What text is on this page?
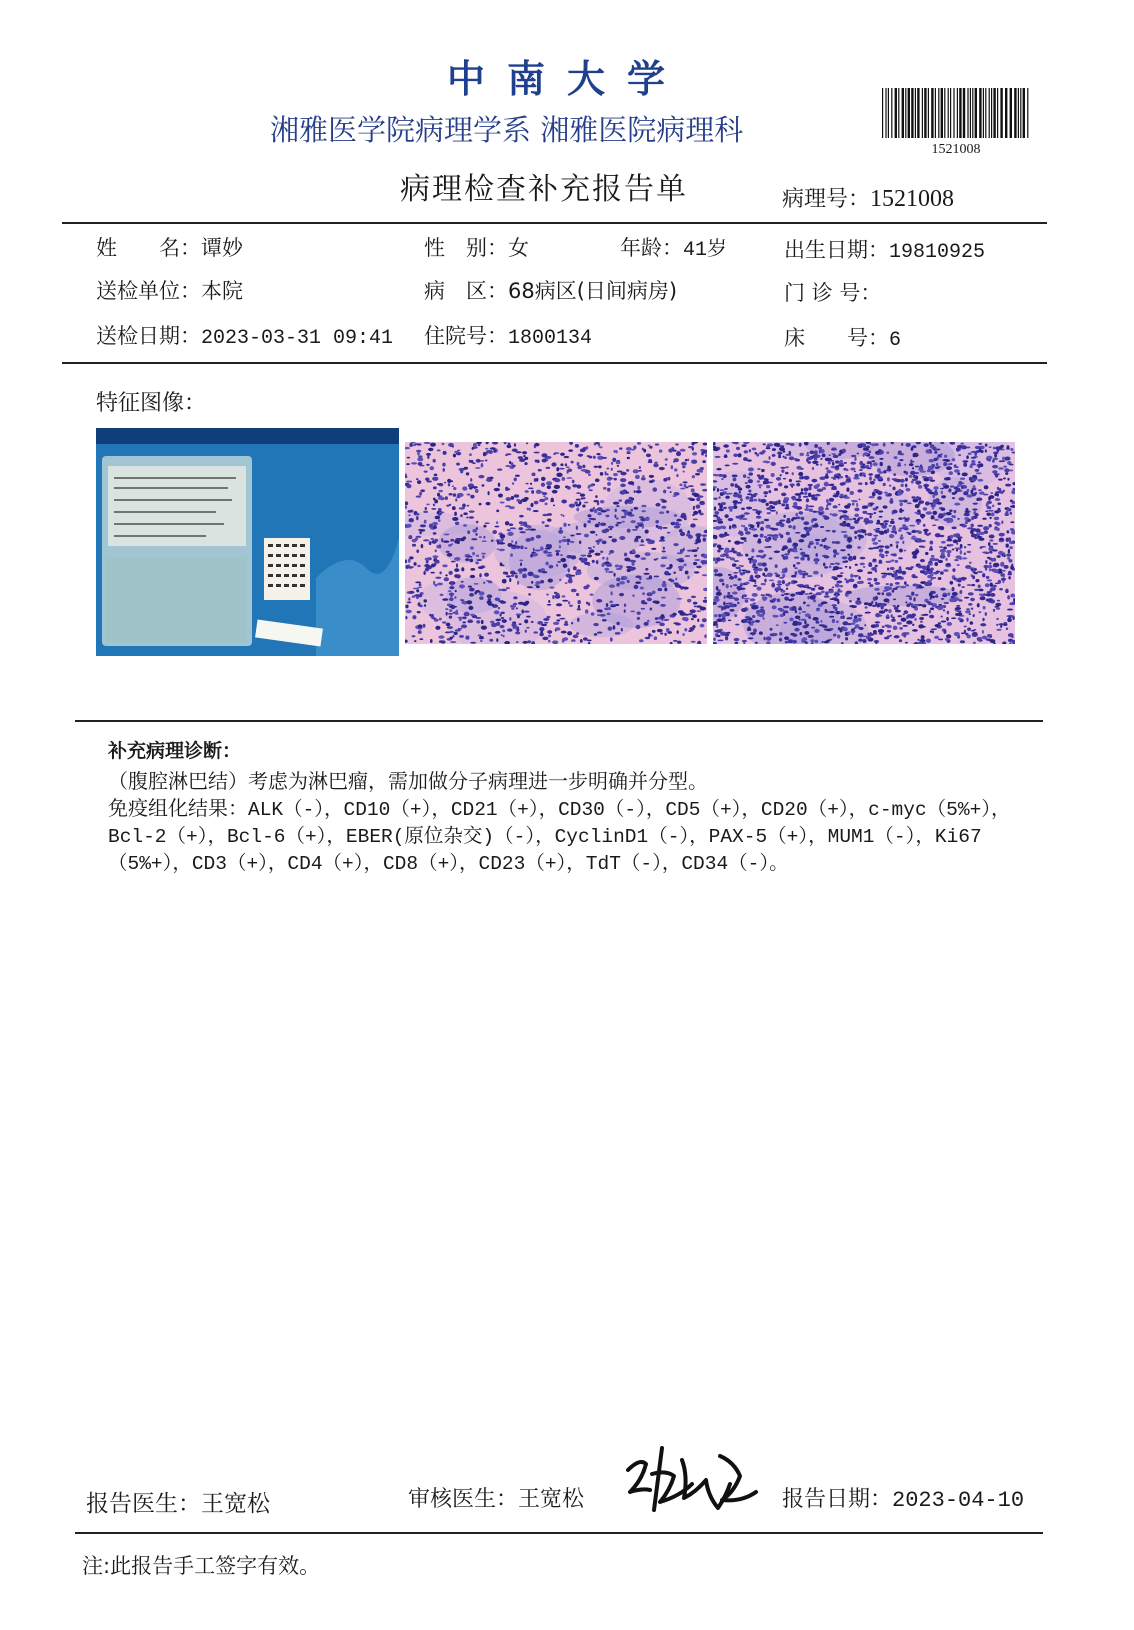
中南大学
湘雅医学院病理学系 湘雅医院病理科
1521008
病理检查补充报告单	病理号：1521008
姓　　名：谭妙	性　别：女	年龄：41岁	出生日期：19810925
送检单位：本院	病　区：68病区(日间病房)	门 诊 号：
送检日期：2023-03-31 09:41 住院号：1800134	床　　号：6
特征图像：
补充病理诊断：

（腹腔淋巴结）考虑为淋巴瘤，需加做分子病理进一步明确并分型。

免疫组化结果：ALK（-），CD10（+），CD21（+），CD30（-），CD5（+），CD20（+），c-myc（5%+），Bcl-2（+），Bcl-6（+），EBER(原位杂交)（-），CyclinD1（-），PAX-5（+），MUM1（-），Ki67（5%+），CD3（+），CD4（+），CD8（+），CD23（+），TdT（-），CD34（-）。

报告医生：王宽松	审核医生：王宽松	报告日期：2023-04-10
注:此报告手工签字有效。
